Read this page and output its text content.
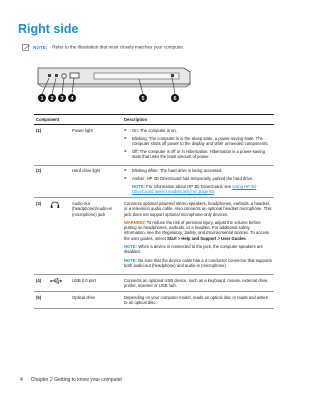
Right side
NOTE: Refer to the illustration that most closely matches your computer.
1 2 3 4	5	6
Component			Description
(1)		Power light	► On: The computer is on.
► Blinking: The computer is in the Sleep state, a power-saving state. The computer shuts off power to the display and other unneeded components.
► Off: The computer is off or in Hibernation. Hibernation is a power-saving state that uses the least amount of power.

(2)		Hard drive light	► Blinking white: The hard drive is being accessed.
► Amber: HP 3D DriveGuard has temporarily parked the hard drive.
NOTE: For information about HP 3D DriveGuard, see Using HP 3D DriveGuard (select models only) on page 60.

(3)		Audio-out (headphone)/Audio-in (microphone) jack	Connects optional powered stereo speakers, headphones, earbuds, a headset, or a television audio cable. Also connects an optional headset microphone. This jack does not support optional microphone-only devices.
WARNING! To reduce the risk of personal injury, adjust the volume before putting on headphones, earbuds, or a headset. For additional safety information, see the Regulatory, Safety, and Environmental Notices. To access the user guides, select Start > Help and Support > User Guides.
NOTE: When a device is connected to the jack, the computer speakers are disabled.
NOTE: Be sure that the device cable has a 4-conductor connector that supports both audio-out (headphone) and audio-in (microphone).

(4)		USB 2.0 port	Connects an optional USB device, such as a keyboard, mouse, external drive, printer, scanner or USB hub.
(5)		Optical drive	Depending on your computer model, reads an optical disc or reads and writes to an optical disc.
4 Chapter 2 Getting to know your computer
